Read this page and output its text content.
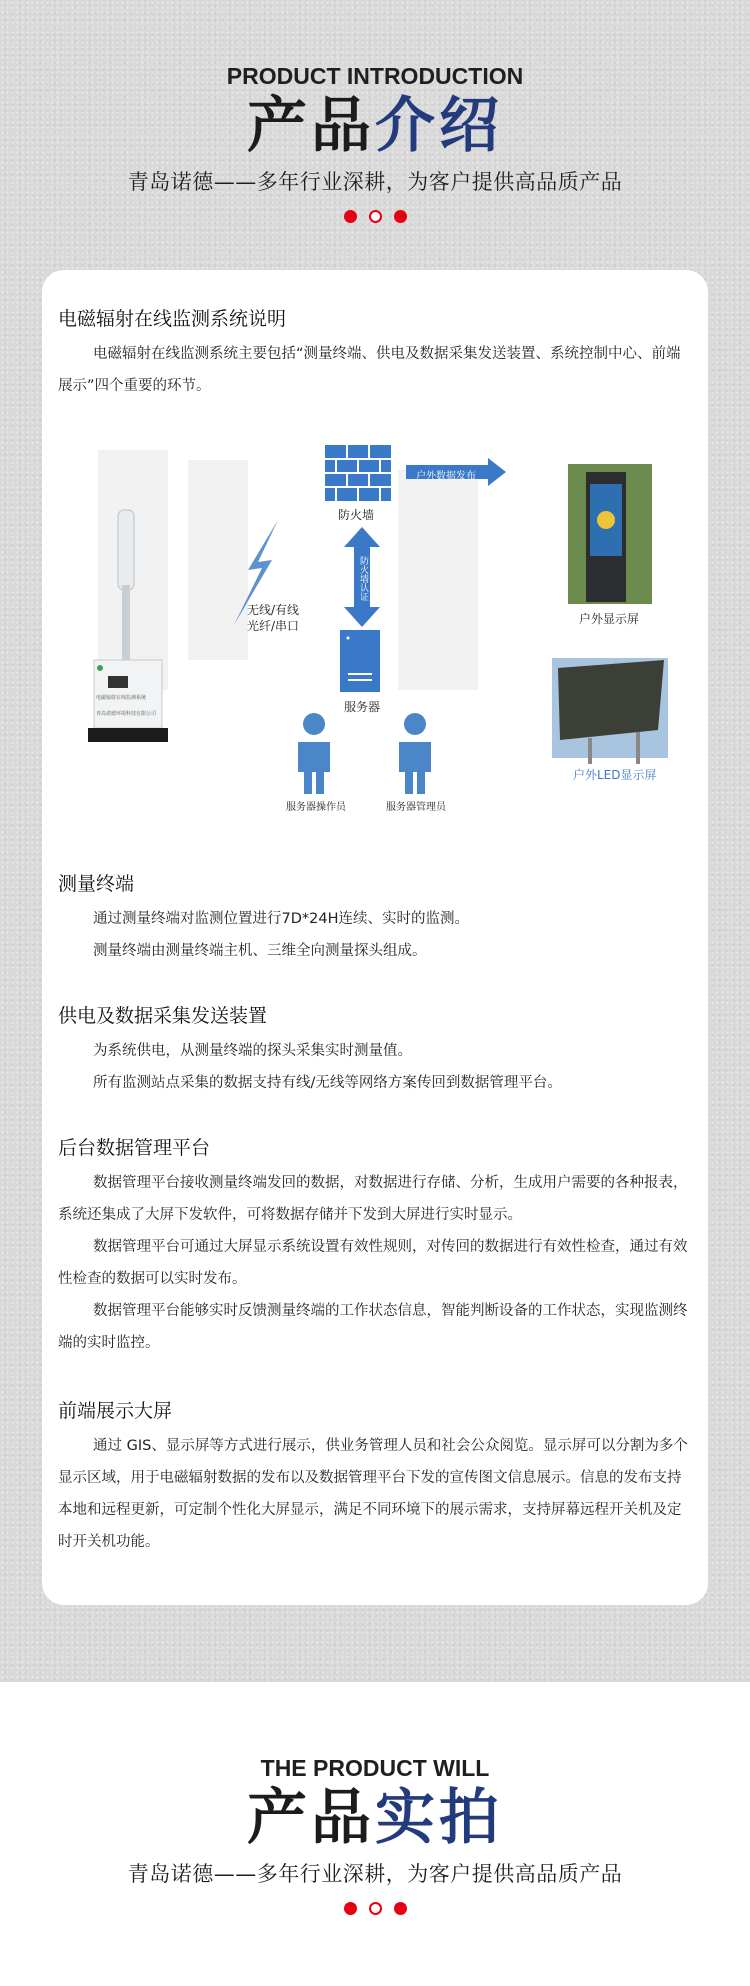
PRODUCT INTRODUCTION
产品介绍
青岛诺德——多年行业深耕，为客户提供高品质产品
电磁辐射在线监测系统说明
电磁辐射在线监测系统主要包括“测量终端、供电及数据采集发送装置、系统控制中心、前端展示”四个重要的环节。
防火墙
户外数据发布
防火墙认证
无线/有线
光纤/串口
服务器
服务器操作员	服务器管理员
户外显示屏
户外LED显示屏
电磁辐射在线监测系统
青岛诺德环境科技有限公司
测量终端
通过测量终端对监测位置进行7D*24H连续、实时的监测。
测量终端由测量终端主机、三维全向测量探头组成。
供电及数据采集发送装置
为系统供电，从测量终端的探头采集实时测量值。
所有监测站点采集的数据支持有线/无线等网络方案传回到数据管理平台。
后台数据管理平台
数据管理平台接收测量终端发回的数据，对数据进行存储、分析，生成用户需要的各种报表，系统还集成了大屏下发软件，可将数据存储并下发到大屏进行实时显示。
数据管理平台可通过大屏显示系统设置有效性规则，对传回的数据进行有效性检查，通过有效性检查的数据可以实时发布。
数据管理平台能够实时反馈测量终端的工作状态信息，智能判断设备的工作状态，实现监测终端的实时监控。
前端展示大屏
通过 GIS、显示屏等方式进行展示，供业务管理人员和社会公众阅览。显示屏可以分割为多个显示区域，用于电磁辐射数据的发布以及数据管理平台下发的宣传图文信息展示。信息的发布支持本地和远程更新，可定制个性化大屏显示，满足不同环境下的展示需求，支持屏幕远程开关机及定时开关机功能。
THE PRODUCT WILL
产品实拍
青岛诺德——多年行业深耕，为客户提供高品质产品
